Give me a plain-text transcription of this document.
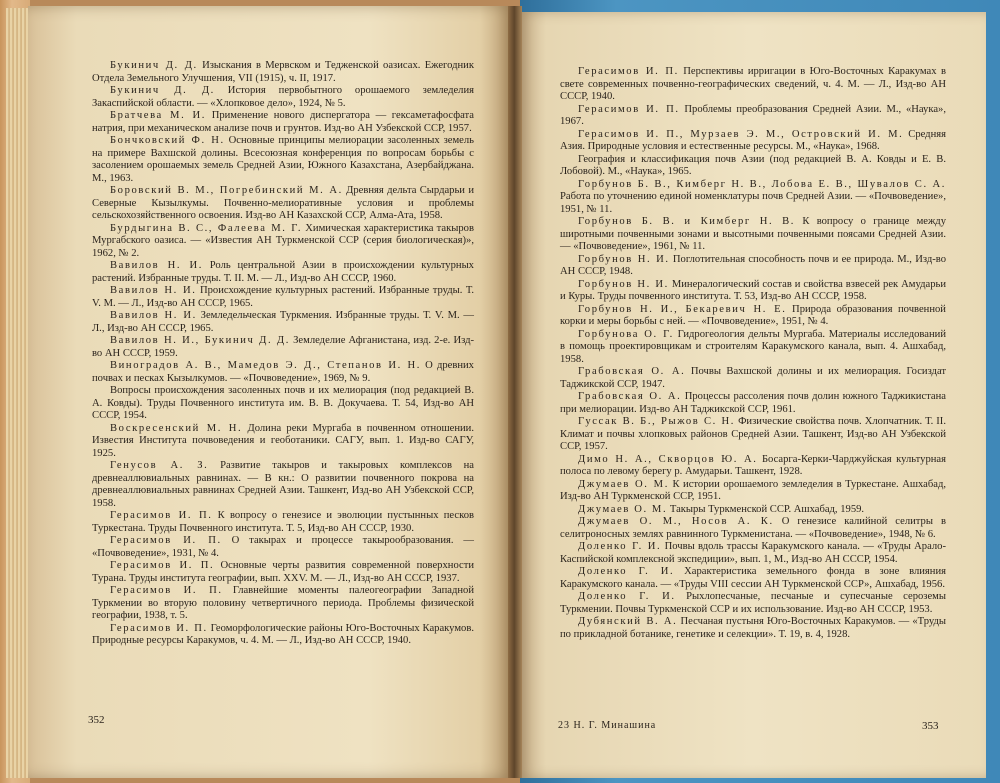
Букинич Д. Д. Изыскания в Мервском и Тедженской оазисах. Ежегодник Отдела Земельного Улучшения, VII (1915), ч. II, 1917.

Букинич Д. Д. История первобытного орошаемого земледелия Закаспийской области. — «Хлопковое дело», 1924, № 5.

Братчева М. И. Применение нового диспергатора — гексаметафосфата натрия, при механическом анализе почв и грунтов. Изд-во АН Узбекской ССР, 1957.

Бончковский Ф. Н. Основные принципы мелиорации засоленных земель на примере Вахшской долины. Всесоюзная конференция по вопросам борьбы с засолением орошаемых земель Средней Азии, Южного Казахстана, Азербайджана. М., 1963.

Боровский В. М., Погребинский М. А. Древняя дельта Сырдарьи и Северные Кызылкумы. Почвенно-мелиоративные условия и проблемы сельскохозяйственного освоения. Изд-во АН Казахской ССР, Алма-Ата, 1958.

Бурдыгина В. С., Фалеева М. Г. Химическая характеристика такыров Мургабского оазиса. — «Известия АН Туркменской ССР (серия биологическая)», 1962, № 2.

Вавилов Н. И. Роль центральной Азии в происхождении культурных растений. Избранные труды. Т. II. М. — Л., Изд-во АН СССР, 1960.

Вавилов Н. И. Происхождение культурных растений. Избранные труды. Т. V. М. — Л., Изд-во АН СССР, 1965.

Вавилов Н. И. Земледельческая Туркмения. Избранные труды. Т. V. М. — Л., Изд-во АН СССР, 1965.

Вавилов Н. И., Букинич Д. Д. Земледелие Афганистана, изд. 2-е. Изд-во АН СССР, 1959.

Виноградов А. В., Мамедов Э. Д., Степанов И. Н. О древних почвах и песках Кызылкумов. — «Почвоведение», 1969, № 9.

Вопросы происхождения засоленных почв и их мелиорация (под редакцией В. А. Ковды). Труды Почвенного института им. В. В. Докучаева. Т. 54, Изд-во АН СССР, 1954.

Воскресенский М. Н. Долина реки Мургаба в почвенном отношении. Известия Института почвоведения и геоботаники. САГУ, вып. 1. Изд-во САГУ, 1925.

Генусов А. З. Развитие такыров и такыровых комплексов на древнеаллювиальных равнинах. — В кн.: О развитии почвенного покрова на древнеаллювиальных равнинах Средней Азии. Ташкент, Изд-во АН Узбекской ССР, 1958.

Герасимов И. П. К вопросу о генезисе и эволюции пустынных песков Туркестана. Труды Почвенного института. Т. 5, Изд-во АН СССР, 1930.

Герасимов И. П. О такырах и процессе такырообразования. — «Почвоведение», 1931, № 4.

Герасимов И. П. Основные черты развития современной поверхности Турана. Труды института географии, вып. XXV. М. — Л., Изд-во АН СССР, 1937.

Герасимов И. П. Главнейшие моменты палеогеографии Западной Туркмении во вторую половину четвертичного периода. Проблемы физической географии, 1938, т. 5.

Герасимов И. П. Геоморфологические районы Юго-Восточных Каракумов. Природные ресурсы Каракумов, ч. 4. М. — Л., Изд-во АН СССР, 1940.

Герасимов И. П. Перспективы ирригации в Юго-Восточных Каракумах в свете современных почвенно-географических сведений, ч. 4. М. — Л., Изд-во АН СССР, 1940.

Герасимов И. П. Проблемы преобразования Средней Азии. М., «Наука», 1967.

Герасимов И. П., Мурзаев Э. М., Островский И. М. Средняя Азия. Природные условия и естественные ресурсы. М., «Наука», 1968.

География и классификация почв Азии (под редакцией В. А. Ковды и Е. В. Лобовой). М., «Наука», 1965.

Горбунов Б. В., Кимберг Н. В., Лобова Е. В., Шувалов С. А. Работа по уточнению единой номенклатуры почв Средней Азии. — «Почвоведение», 1951, № 11.

Горбунов Б. В. и Кимберг Н. В. К вопросу о границе между широтными почвенными зонами и высотными почвенными поясами Средней Азии. — «Почвоведение», 1961, № 11.

Горбунов Н. И. Поглотительная способность почв и ее природа. М., Изд-во АН СССР, 1948.

Горбунов Н. И. Минералогический состав и свойства взвесей рек Амударьи и Куры. Труды почвенного института. Т. 53, Изд-во АН СССР, 1958.

Горбунов Н. И., Бекаревич Н. Е. Природа образования почвенной корки и меры борьбы с ней. — «Почвоведение», 1951, № 4.

Горбунова О. Г. Гидрогеология дельты Мургаба. Материалы исследований в помощь проектировщикам и строителям Каракумского канала, вып. 4. Ашхабад, 1958.

Грабовская О. А. Почвы Вахшской долины и их мелиорация. Госиздат Таджикской ССР, 1947.

Грабовская О. А. Процессы рассоления почв долин южного Таджикистана при мелиорации. Изд-во АН Таджикской ССР, 1961.

Гуссак В. Б., Рыжов С. Н. Физические свойства почв. Хлопчатник. Т. II. Климат и почвы хлопковых районов Средней Азии. Ташкент, Изд-во АН Узбекской ССР, 1957.

Димо Н. А., Скворцов Ю. А. Босарга-Керки-Чарджуйская культурная полоса по левому берегу р. Амударьи. Ташкент, 1928.

Джумаев О. М. К истории орошаемого земледелия в Туркестане. Ашхабад, Изд-во АН Туркменской ССР, 1951.

Джумаев О. М. Такыры Туркменской ССР. Ашхабад, 1959.

Джумаев О. М., Носов А. К. О генезисе калийной селитры в селитроносных землях равнинного Туркменистана. — «Почвоведение», 1948, № 6.

Доленко Г. И. Почвы вдоль трассы Каракумского канала. — «Труды Арало-Каспийской комплексной экспедиции», вып. 1, М., Изд-во АН СССР, 1954.

Доленко Г. И. Характеристика земельного фонда в зоне влияния Каракумского канала. — «Труды VIII сессии АН Туркменской ССР», Ашхабад, 1956.

Доленко Г. И. Рыхлопесчаные, песчаные и супесчаные сероземы Туркмении. Почвы Туркменской ССР и их использование. Изд-во АН СССР, 1953.

Дубянский В. А. Песчаная пустыня Юго-Восточных Каракумов. — «Труды по прикладной ботанике, генетике и селекции». Т. 19, в. 4, 1928.

352	23 Н. Г. Минашина	353
